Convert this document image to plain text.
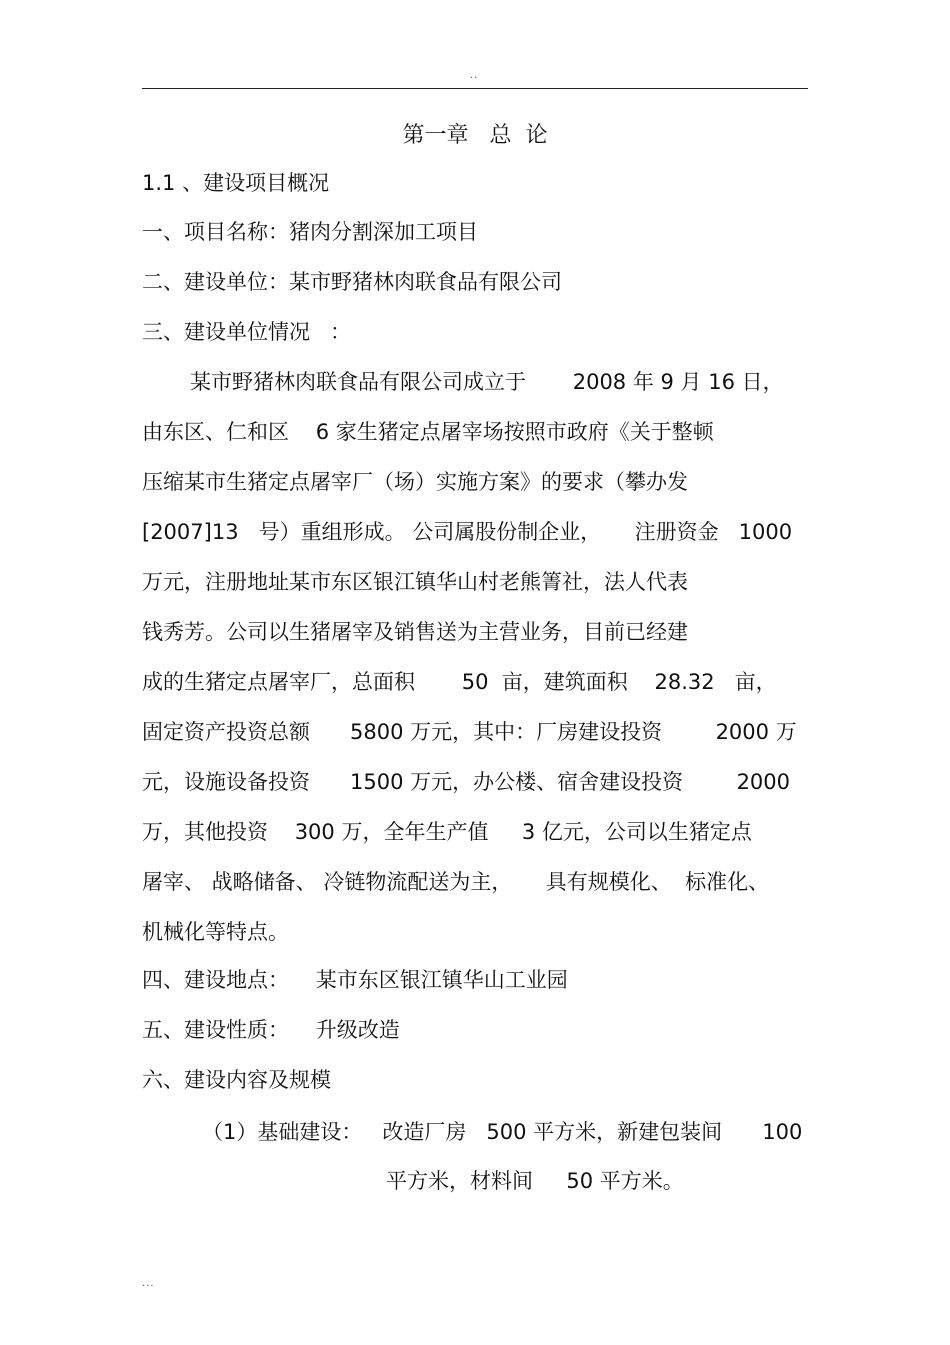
..
第一章   总  论
1.1 、建设项目概况
一、项目名称：猪肉分割深加工项目
二、建设单位：某市野猪林肉联食品有限公司
三、建设单位情况   ：
某市野猪林肉联食品有限公司成立于       2008 年 9 月 16 日，
由东区、仁和区    6 家生猪定点屠宰场按照市政府《关于整顿
压缩某市生猪定点屠宰厂（场）实施方案》的要求（攀办发
[2007]13   号）重组形成。 公司属股份制企业，     注册资金   1000
万元，注册地址某市东区银江镇华山村老熊箐社，法人代表
钱秀芳。公司以生猪屠宰及销售送为主营业务，目前已经建
成的生猪定点屠宰厂，总面积       50  亩，建筑面积    28.32   亩，
固定资产投资总额      5800 万元，其中：厂房建设投资        2000 万
元，设施设备投资      1500 万元，办公楼、宿舍建设投资        2000
万，其他投资    300 万，全年生产值     3 亿元，公司以生猪定点
屠宰、 战略储备、 冷链物流配送为主，     具有规模化、  标准化、
机械化等特点。
四、建设地点：    某市东区银江镇华山工业园
五、建设性质：    升级改造
六、建设内容及规模
（1）基础建设：   改造厂房   500 平方米，新建包装间      100
平方米，材料间     50 平方米。
...
